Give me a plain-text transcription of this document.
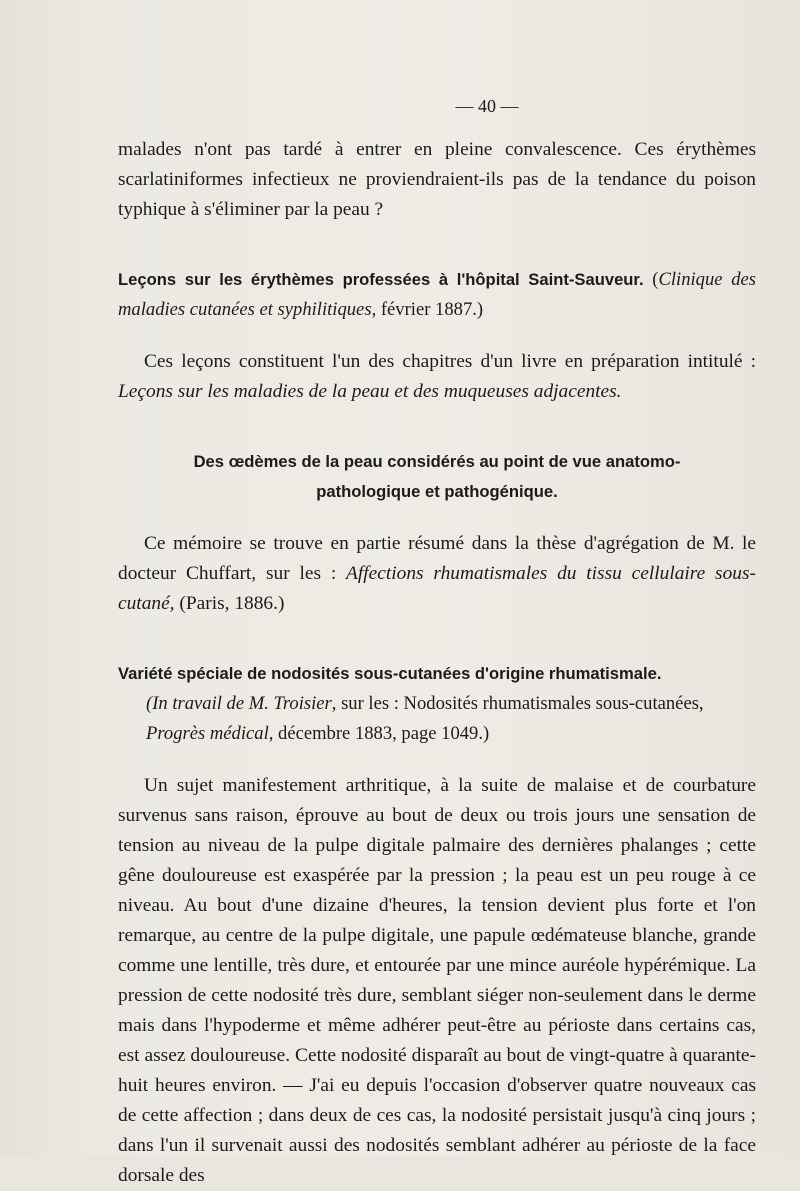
— 40 —

malades n'ont pas tardé à entrer en pleine convalescence. Ces érythèmes scarlatiniformes infectieux ne proviendraient-ils pas de la tendance du poison typhique à s'éliminer par la peau ?

Leçons sur les érythèmes professées à l'hôpital Saint-Sauveur. (Clinique des maladies cutanées et syphilitiques, février 1887.)

Ces leçons constituent l'un des chapitres d'un livre en préparation intitulé : Leçons sur les maladies de la peau et des muqueuses adjacentes.

Des œdèmes de la peau considérés au point de vue anatomo-
pathologique et pathogénique.

Ce mémoire se trouve en partie résumé dans la thèse d'agrégation de M. le docteur Chuffart, sur les : Affections rhumatismales du tissu cellulaire sous-cutané, (Paris, 1886.)

Variété spéciale de nodosités sous-cutanées d'origine rhumatismale.

(In travail de M. Troisier, sur les : Nodosités rhumatismales sous-cutanées,
Progrès médical, décembre 1883, page 1049.)

Un sujet manifestement arthritique, à la suite de malaise et de courbature survenus sans raison, éprouve au bout de deux ou trois jours une sensation de tension au niveau de la pulpe digitale palmaire des dernières phalanges ; cette gêne douloureuse est exaspérée par la pression ; la peau est un peu rouge à ce niveau. Au bout d'une dizaine d'heures, la tension devient plus forte et l'on remarque, au centre de la pulpe digitale, une papule œdémateuse blanche, grande comme une lentille, très dure, et entourée par une mince auréole hypérémique. La pression de cette nodosité très dure, semblant siéger non-seulement dans le derme mais dans l'hypoderme et même adhérer peut-être au périoste dans certains cas, est assez douloureuse. Cette nodosité disparaît au bout de vingt-quatre à quarante-huit heures environ. — J'ai eu depuis l'occasion d'observer quatre nouveaux cas de cette affection ; dans deux de ces cas, la nodosité persistait jusqu'à cinq jours ; dans l'un il survenait aussi des nodosités semblant adhérer au périoste de la face dorsale des
